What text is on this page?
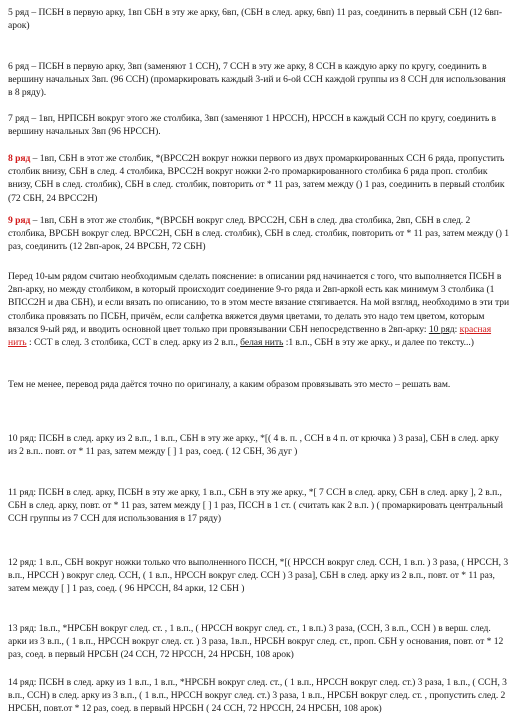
5 ряд – ПСБН в первую арку, 1вп СБН в эту же арку, 6вп, (СБН в след. арку, 6вп) 11 раз, соединить в первый СБН (12 6вп-арок)

6 ряд – ПСБН в первую арку, 3вп (заменяют 1 ССН), 7 ССН в эту же арку, 8 ССН в каждую арку по кругу, соединить в вершину начальных 3вп. (96 ССН) (промаркировать каждый 3-ий и 6-ой ССН каждой группы из 8 ССН для использования в 8 ряду).

7 ряд – 1вп, НРПСБН вокруг этого же столбика, 3вп (заменяют 1 НРССН), НРССН в каждый ССН по кругу, соединить в вершину начальных 3вп (96 НРССН).

8 ряд – 1вп, СБН в этот же столбик, *(ВРСС2Н вокруг ножки первого из двух промаркированных ССН 6 ряда, пропустить столбик внизу, СБН в след. 4 столбика, ВРСС2Н вокруг ножки 2-го промаркированного столбика 6 ряда проп. столбик внизу, СБН в след. столбик), СБН в след. столбик, повторить от * 11 раз, затем между () 1 раз, соединить в первый столбик (72 СБН, 24 ВРСС2Н)

9 ряд – 1вп, СБН в этот же столбик, *(ВРСБН вокруг след. ВРСС2Н, СБН в след. два столбика, 2вп, СБН в след. 2 столбика, ВРСБН вокруг след. ВРСС2Н, СБН в след. столбик), СБН в след. столбик, повторить от * 11 раз, затем между () 1 раз, соединить (12 2вп-арок, 24 ВРСБН, 72 СБН)

Перед 10-ым рядом считаю необходимым сделать пояснение: в описании ряд начинается с того, что выполняется ПСБН в 2вп-арку, но между столбиком, в который происходит соединение 9-го ряда и 2вп-аркой есть как минимум 3 столбика (1 ВПСС2Н и два СБН), и если вязать по описанию, то в этом месте вязание стягивается. На мой взгляд, необходимо в эти три столбика провязать по ПСБН, причём, если салфетка вяжется двумя цветами, то делать это надо тем цветом, которым вязался 9-ый ряд, и вводить основной цвет только при провязывании СБН непосредственно в 2вп-арку: 10 ряд: красная нить : ССТ в след. 3 столбика, ССТ в след. арку из 2 в.п., белая нить :1 в.п., СБН в эту же арку., и далее по тексту...)

Тем не менее, перевод ряда даётся точно по оригиналу, а каким образом провязывать это место – решать вам.

10 ряд: ПСБН в след. арку из 2 в.п., 1 в.п., СБН в эту же арку., *[( 4 в. п. , ССН в 4 п. от крючка ) 3 раза], СБН в след. арку из 2 в.п.. повт. от * 11 раз, затем между [ ] 1 раз, соед. ( 12 СБН, 36 дуг )

11 ряд: ПСБН в след. арку, ПСБН в эту же арку, 1 в.п., СБН в эту же арку., *[ 7 ССН в след. арку, СБН в след. арку ], 2 в.п., СБН в след. арку, повт. от * 11 раз, затем между [ ] 1 раз, ПССН в 1 ст. ( считать как 2 в.п. ) ( промаркировать центральный ССН группы из 7 ССН для использования в 17 ряду)

12 ряд: 1 в.п., СБН вокруг ножки только что выполненного ПССН, *[( НРССН вокруг след. ССН, 1 в.п. ) 3 раза, ( НРССН, 3 в.п., НРССН ) вокруг след. ССН, ( 1 в.п., НРССН вокруг след. ССН ) 3 раза], СБН в след. арку из 2 в.п., повт. от * 11 раз, затем между [ ] 1 раз, соед. ( 96 НРССН, 84 арки, 12 СБН )

13 ряд: 1в.п., *НРСБН вокруг след. ст. , 1 в.п., ( НРССН вокруг след. ст., 1 в.п.) 3 раза, (ССН, 3 в.п., ССН ) в верш. след. арки из 3 в.п., ( 1 в.п., НРССН вокруг след. ст. ) 3 раза, 1в.п., НРСБН вокруг след. ст., проп. СБН у основания, повт. от * 12 раз, соед. в первый НРСБН (24 ССН, 72 НРССН, 24 НРСБН, 108 арок)

14 ряд: ПСБН в след. арку из 1 в.п., 1 в.п., *НРСБН вокруг след. ст., ( 1 в.п., НРССН вокруг след. ст.) 3 раза, 1 в.п., ( ССН, 3 в.п., ССН) в след. арку из 3 в.п., ( 1 в.п., НРССН вокруг след. ст.) 3 раза, 1 в.п., НРСБН вокруг след. ст. , пропустить след. 2 НРСБН, повт.от * 12 раз, соед. в первый НРСБН ( 24 ССН, 72 НРССН, 24 НРСБН, 108 арок)
